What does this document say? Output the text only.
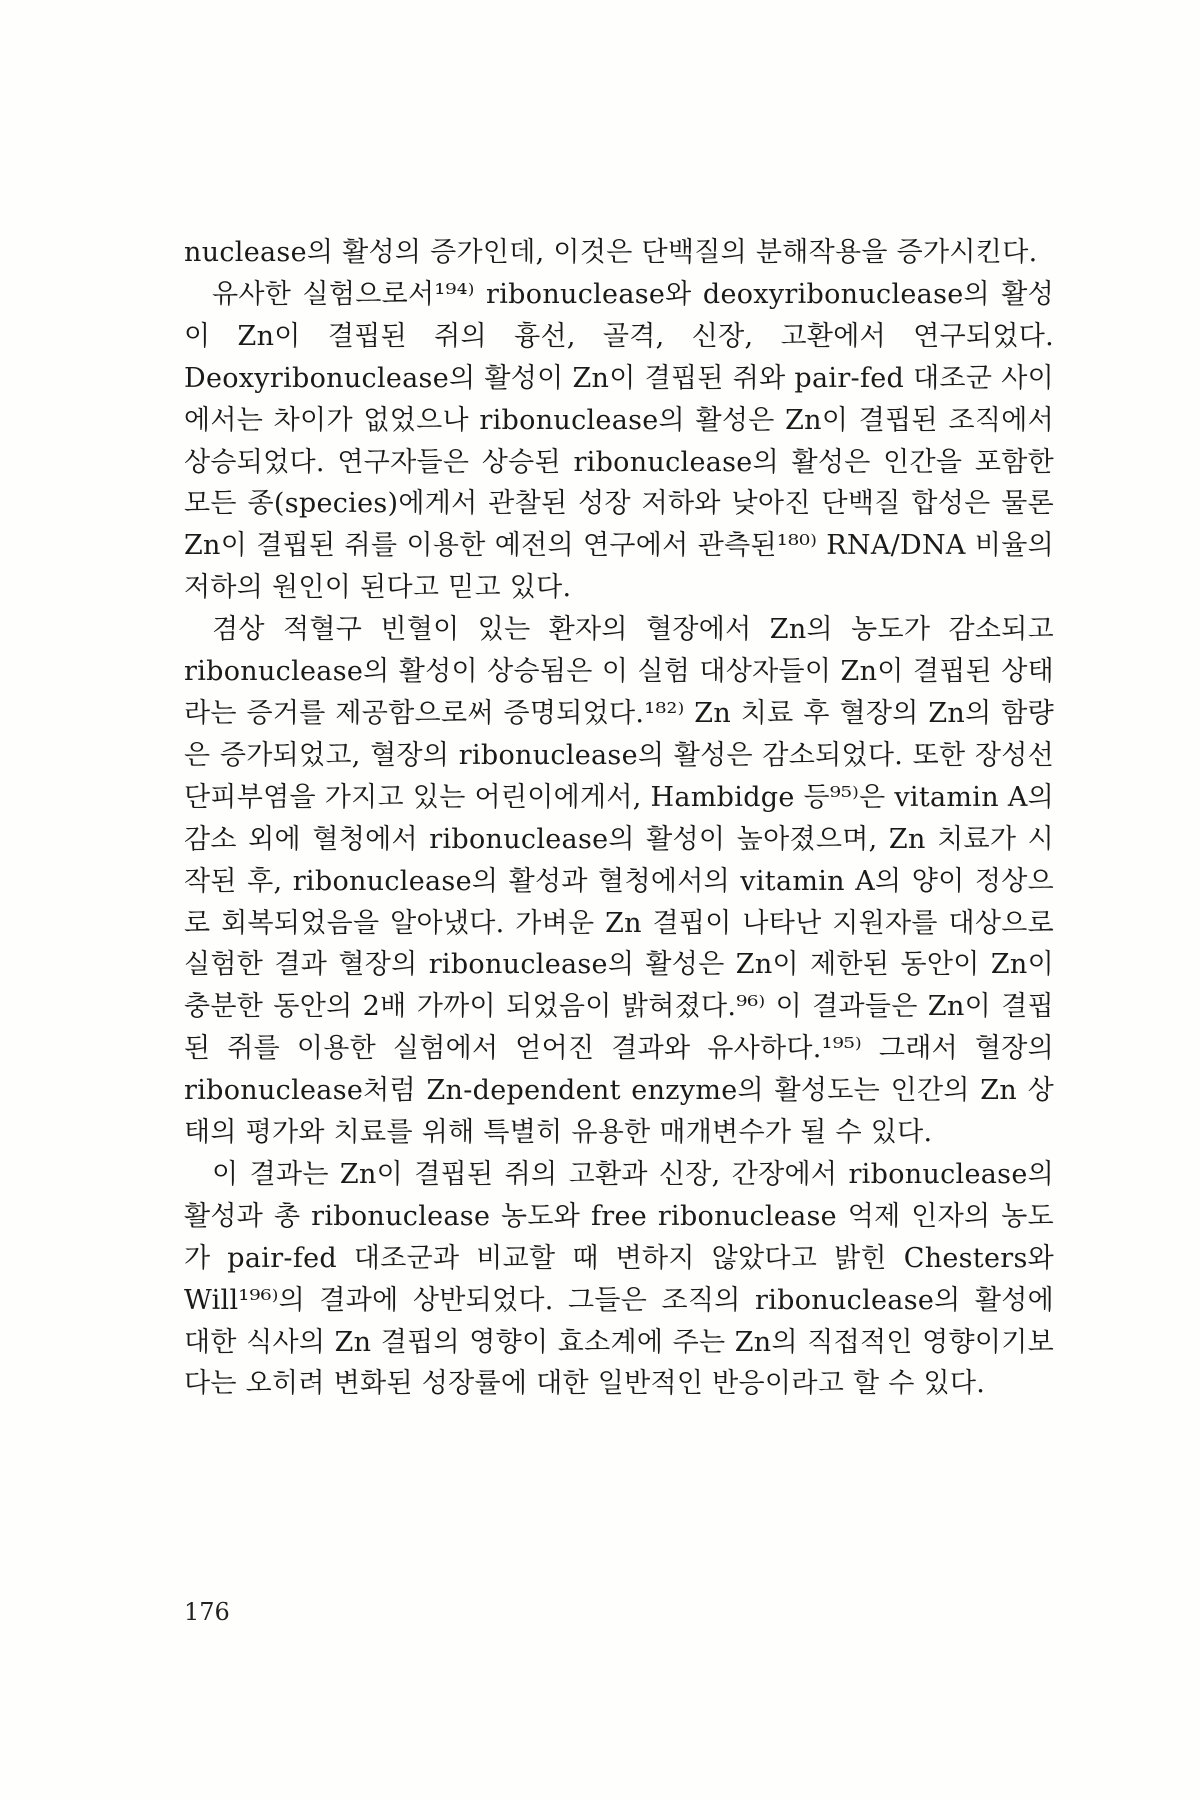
nuclease의 활성의 증가인데, 이것은 단백질의 분해작용을 증가시킨다.

유사한 실험으로서¹⁹⁴⁾ ribonuclease와 deoxyribonuclease의 활성이 Zn이 결핍된 쥐의 흉선, 골격, 신장, 고환에서 연구되었다. Deoxyribonuclease의 활성이 Zn이 결핍된 쥐와 pair-fed 대조군 사이에서는 차이가 없었으나 ribonuclease의 활성은 Zn이 결핍된 조직에서 상승되었다. 연구자들은 상승된 ribonuclease의 활성은 인간을 포함한 모든 종(species)에게서 관찰된 성장 저하와 낮아진 단백질 합성은 물론 Zn이 결핍된 쥐를 이용한 예전의 연구에서 관측된¹⁸⁰⁾ RNA/DNA 비율의 저하의 원인이 된다고 믿고 있다.

겸상 적혈구 빈혈이 있는 환자의 혈장에서 Zn의 농도가 감소되고 ribonuclease의 활성이 상승됨은 이 실험 대상자들이 Zn이 결핍된 상태라는 증거를 제공함으로써 증명되었다.¹⁸²⁾ Zn 치료 후 혈장의 Zn의 함량은 증가되었고, 혈장의 ribonuclease의 활성은 감소되었다. 또한 장성선단피부염을 가지고 있는 어린이에게서, Hambidge 등⁹⁵⁾은 vitamin A의 감소 외에 혈청에서 ribonuclease의 활성이 높아졌으며, Zn 치료가 시작된 후, ribonuclease의 활성과 혈청에서의 vitamin A의 양이 정상으로 회복되었음을 알아냈다. 가벼운 Zn 결핍이 나타난 지원자를 대상으로 실험한 결과 혈장의 ribonuclease의 활성은 Zn이 제한된 동안이 Zn이 충분한 동안의 2배 가까이 되었음이 밝혀졌다.⁹⁶⁾ 이 결과들은 Zn이 결핍된 쥐를 이용한 실험에서 얻어진 결과와 유사하다.¹⁹⁵⁾ 그래서 혈장의 ribonuclease처럼 Zn-dependent enzyme의 활성도는 인간의 Zn 상태의 평가와 치료를 위해 특별히 유용한 매개변수가 될 수 있다.

이 결과는 Zn이 결핍된 쥐의 고환과 신장, 간장에서 ribonuclease의 활성과 총 ribonuclease 농도와 free ribonuclease 억제 인자의 농도가 pair-fed 대조군과 비교할 때 변하지 않았다고 밝힌 Chesters와 Will¹⁹⁶⁾의 결과에 상반되었다. 그들은 조직의 ribonuclease의 활성에 대한 식사의 Zn 결핍의 영향이 효소계에 주는 Zn의 직접적인 영향이기보다는 오히려 변화된 성장률에 대한 일반적인 반응이라고 할 수 있다.

176
